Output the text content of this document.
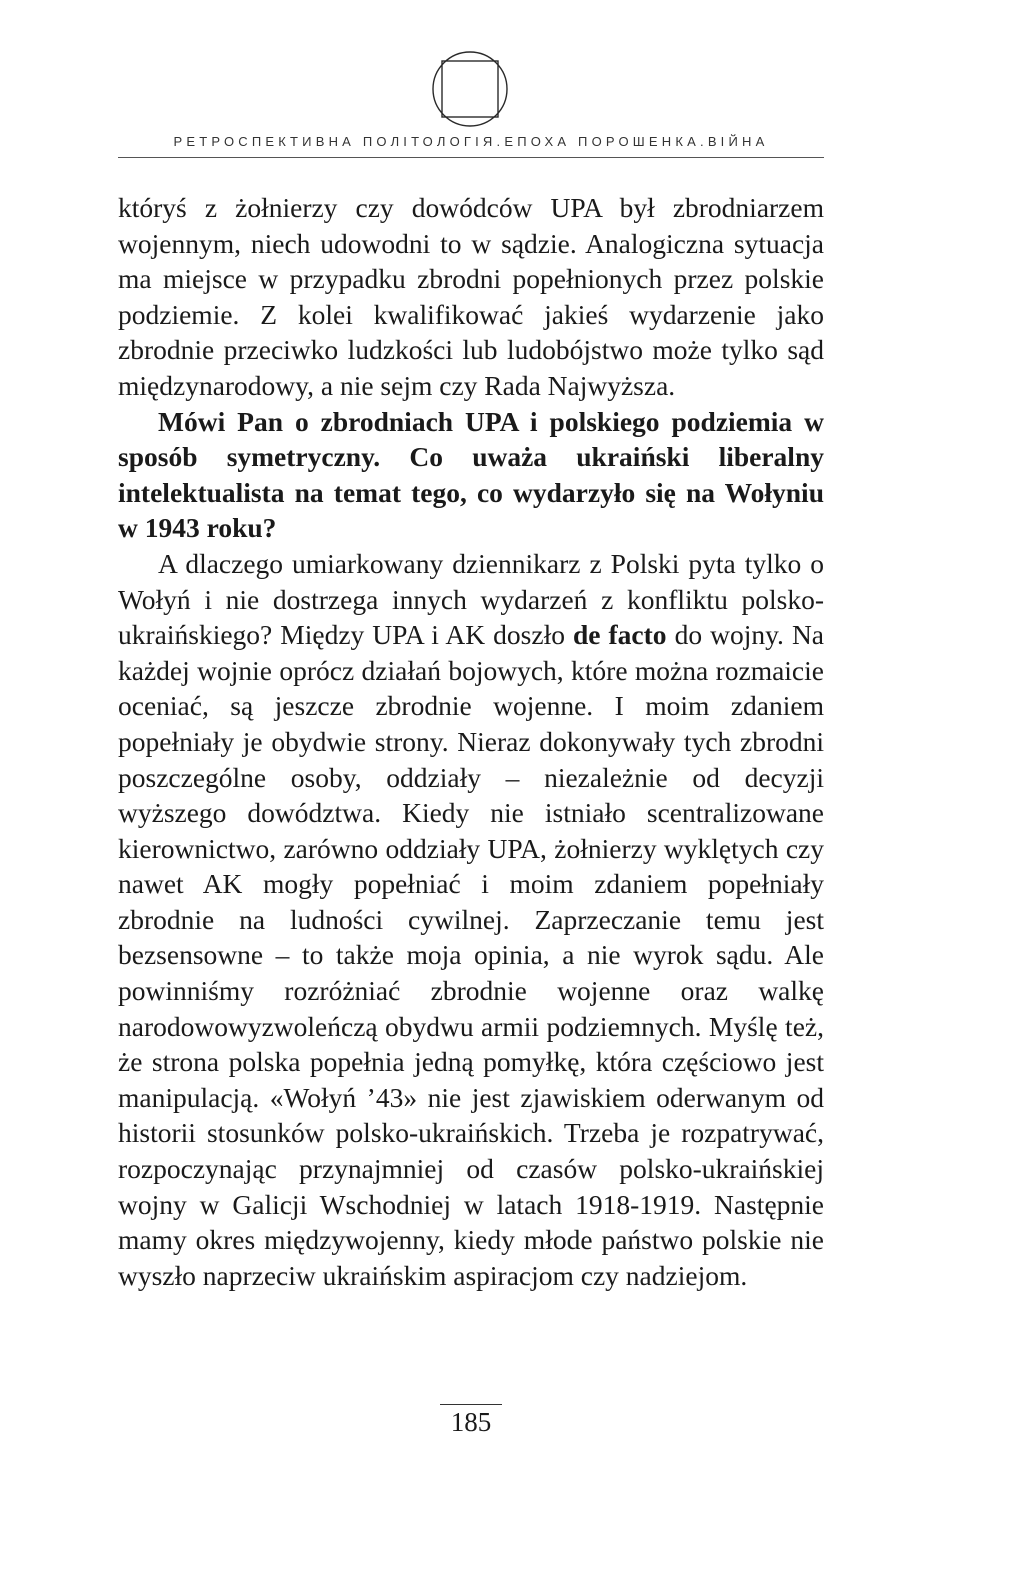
РЕТРОСПЕКТИВНА ПОЛІТОЛОГІЯ.ЕПОХА ПОРОШЕНКА.ВІЙНА

któryś z żołnierzy czy dowódców UPA był zbrodniarzem wojennym, niech udowodni to w sądzie. Analogiczna sytuacja ma miejsce w przypadku zbrodni popełnionych przez polskie podziemie. Z kolei kwalifikować jakieś wydarzenie jako zbrodnie przeciwko ludzkości lub ludobójstwo może tylko sąd międzynarodowy, a nie sejm czy Rada Najwyższa.

Mówi Pan o zbrodniach UPA i polskiego podziemia w sposób symetryczny. Co uważa ukraiński liberalny intelektualista na temat tego, co wydarzyło się na Wołyniu w 1943 roku?

A dlaczego umiarkowany dziennikarz z Polski pyta tylko o Wołyń i nie dostrzega innych wydarzeń z konfliktu polsko-ukraińskiego? Między UPA i AK doszło de facto do wojny. Na każdej wojnie oprócz działań bojowych, które można rozmaicie oceniać, są jeszcze zbrodnie wojenne. I moim zdaniem popełniały je obydwie strony. Nieraz dokonywały tych zbrodni poszczególne osoby, oddziały – niezależnie od decyzji wyższego dowództwa. Kiedy nie istniało scentralizowane kierownictwo, zarówno oddziały UPA, żołnierzy wyklętych czy nawet AK mogły popełniać i moim zdaniem popełniały zbrodnie na ludności cywilnej. Zaprzeczanie temu jest bezsensowne – to także moja opinia, a nie wyrok sądu. Ale powinniśmy rozróżniać zbrodnie wojenne oraz walkę narodowowyzwoleńczą obydwu armii podziemnych. Myślę też, że strona polska popełnia jedną pomyłkę, która częściowo jest manipulacją. «Wołyń ’43» nie jest zjawiskiem oderwanym od historii stosunków polsko-ukraińskich. Trzeba je rozpatrywać, rozpoczynając przynajmniej od czasów polsko-ukraińskiej wojny w Galicji Wschodniej w latach 1918-1919. Następnie mamy okres międzywojenny, kiedy młode państwo polskie nie wyszło naprzeciw ukraińskim aspiracjom czy nadziejom.

185
